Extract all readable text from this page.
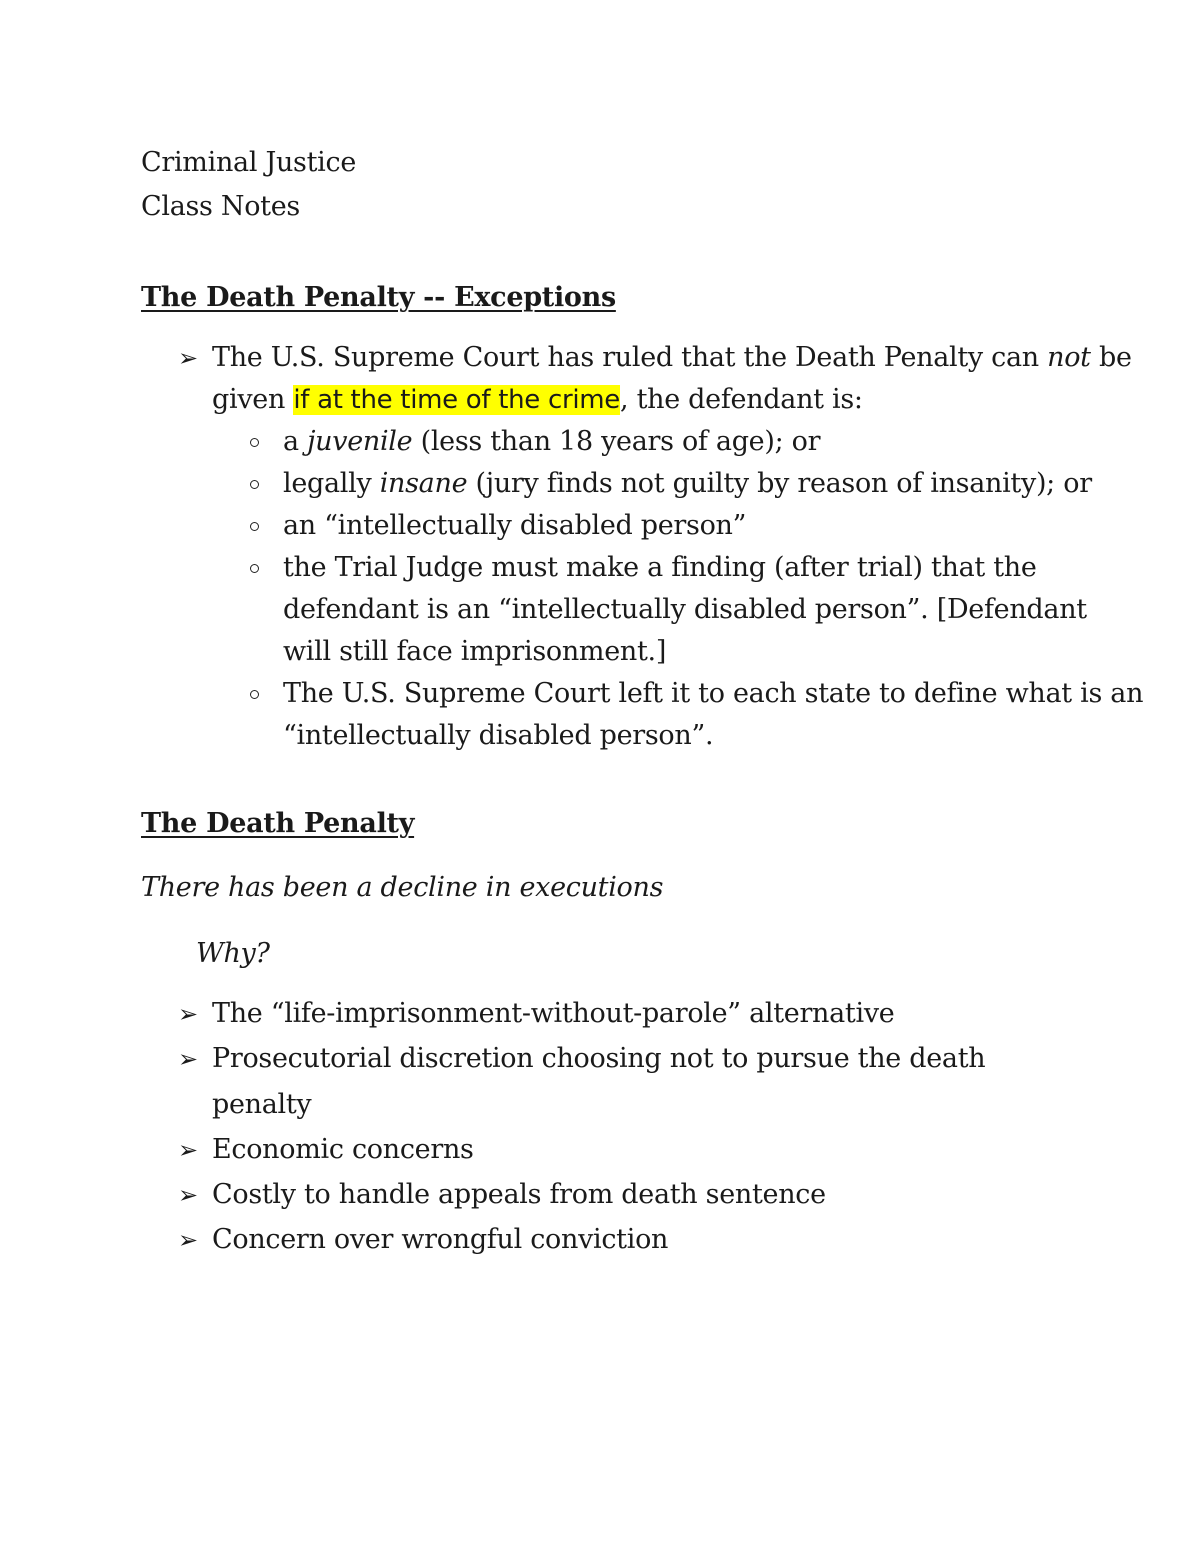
Criminal Justice
Class Notes
The Death Penalty -- Exceptions
➢ The U.S. Supreme Court has ruled that the Death Penalty can not be
given if at the time of the crime, the defendant is:
a juvenile (less than 18 years of age); or
legally insane (jury finds not guilty by reason of insanity); or
an “intellectually disabled person”
the Trial Judge must make a finding (after trial) that the
defendant is an “intellectually disabled person”. [Defendant
will still face imprisonment.]
The U.S. Supreme Court left it to each state to define what is an
“intellectually disabled person”.
The Death Penalty
There has been a decline in executions
Why?
➢ The “life-imprisonment-without-parole” alternative
➢ Prosecutorial discretion choosing not to pursue the death
penalty
➢ Economic concerns
➢ Costly to handle appeals from death sentence
➢ Concern over wrongful conviction
